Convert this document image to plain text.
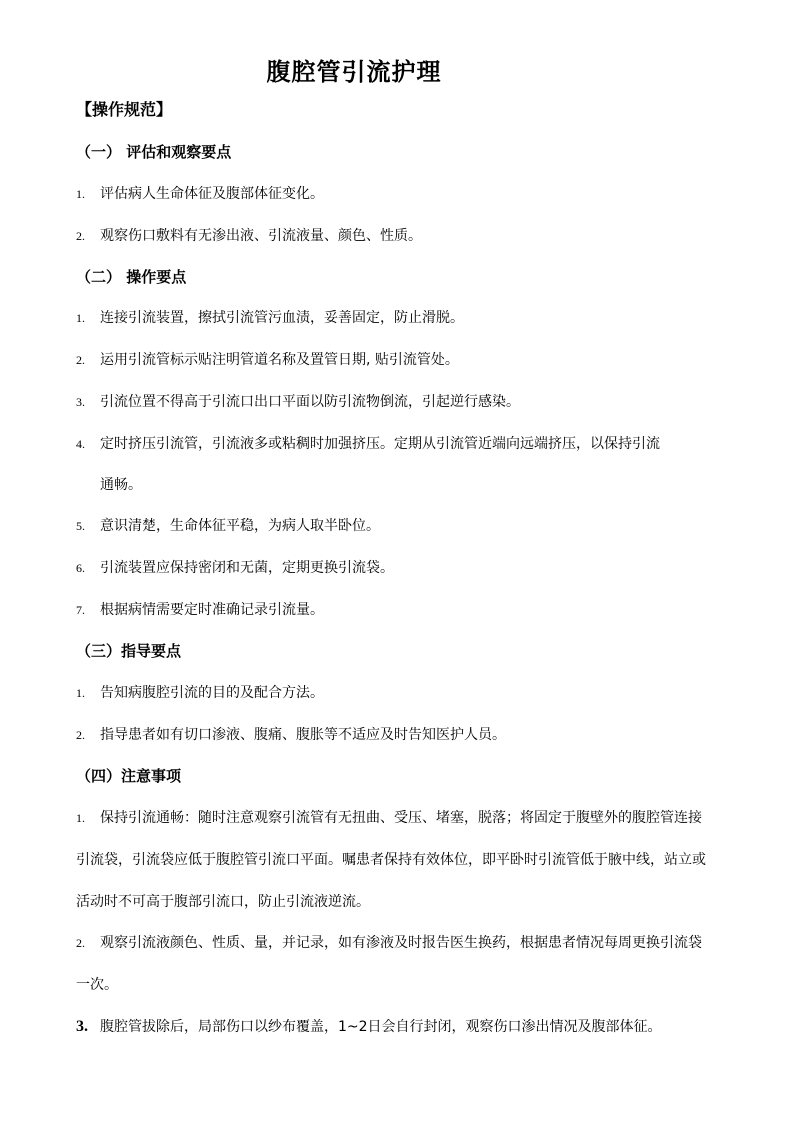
腹腔管引流护理
【操作规范】
（一） 评估和观察要点
1. 评估病人生命体征及腹部体征变化。
2. 观察伤口敷料有无渗出液、引流液量、颜色、性质。
（二） 操作要点
1. 连接引流装置，擦拭引流管污血渍，妥善固定，防止滑脱。
2. 运用引流管标示贴注明管道名称及置管日期, 贴引流管处。
3. 引流位置不得高于引流口出口平面以防引流物倒流，引起逆行感染。
4. 定时挤压引流管，引流液多或粘稠时加强挤压。定期从引流管近端向远端挤压，以保持引流
通畅。
5. 意识清楚，生命体征平稳，为病人取半卧位。
6. 引流装置应保持密闭和无菌，定期更换引流袋。
7. 根据病情需要定时准确记录引流量。
（三）指导要点
1. 告知病腹腔引流的目的及配合方法。
2. 指导患者如有切口渗液、腹痛、腹胀等不适应及时告知医护人员。
（四）注意事项
1. 保持引流通畅：随时注意观察引流管有无扭曲、受压、堵塞，脱落；将固定于腹壁外的腹腔管连接
引流袋，引流袋应低于腹腔管引流口平面。嘱患者保持有效体位，即平卧时引流管低于腋中线，站立或
活动时不可高于腹部引流口，防止引流液逆流。
2. 观察引流液颜色、性质、量，并记录，如有渗液及时报告医生换药，根据患者情况每周更换引流袋
一次。
3. 腹腔管拔除后，局部伤口以纱布覆盖，1~2日会自行封闭，观察伤口渗出情况及腹部体征。
